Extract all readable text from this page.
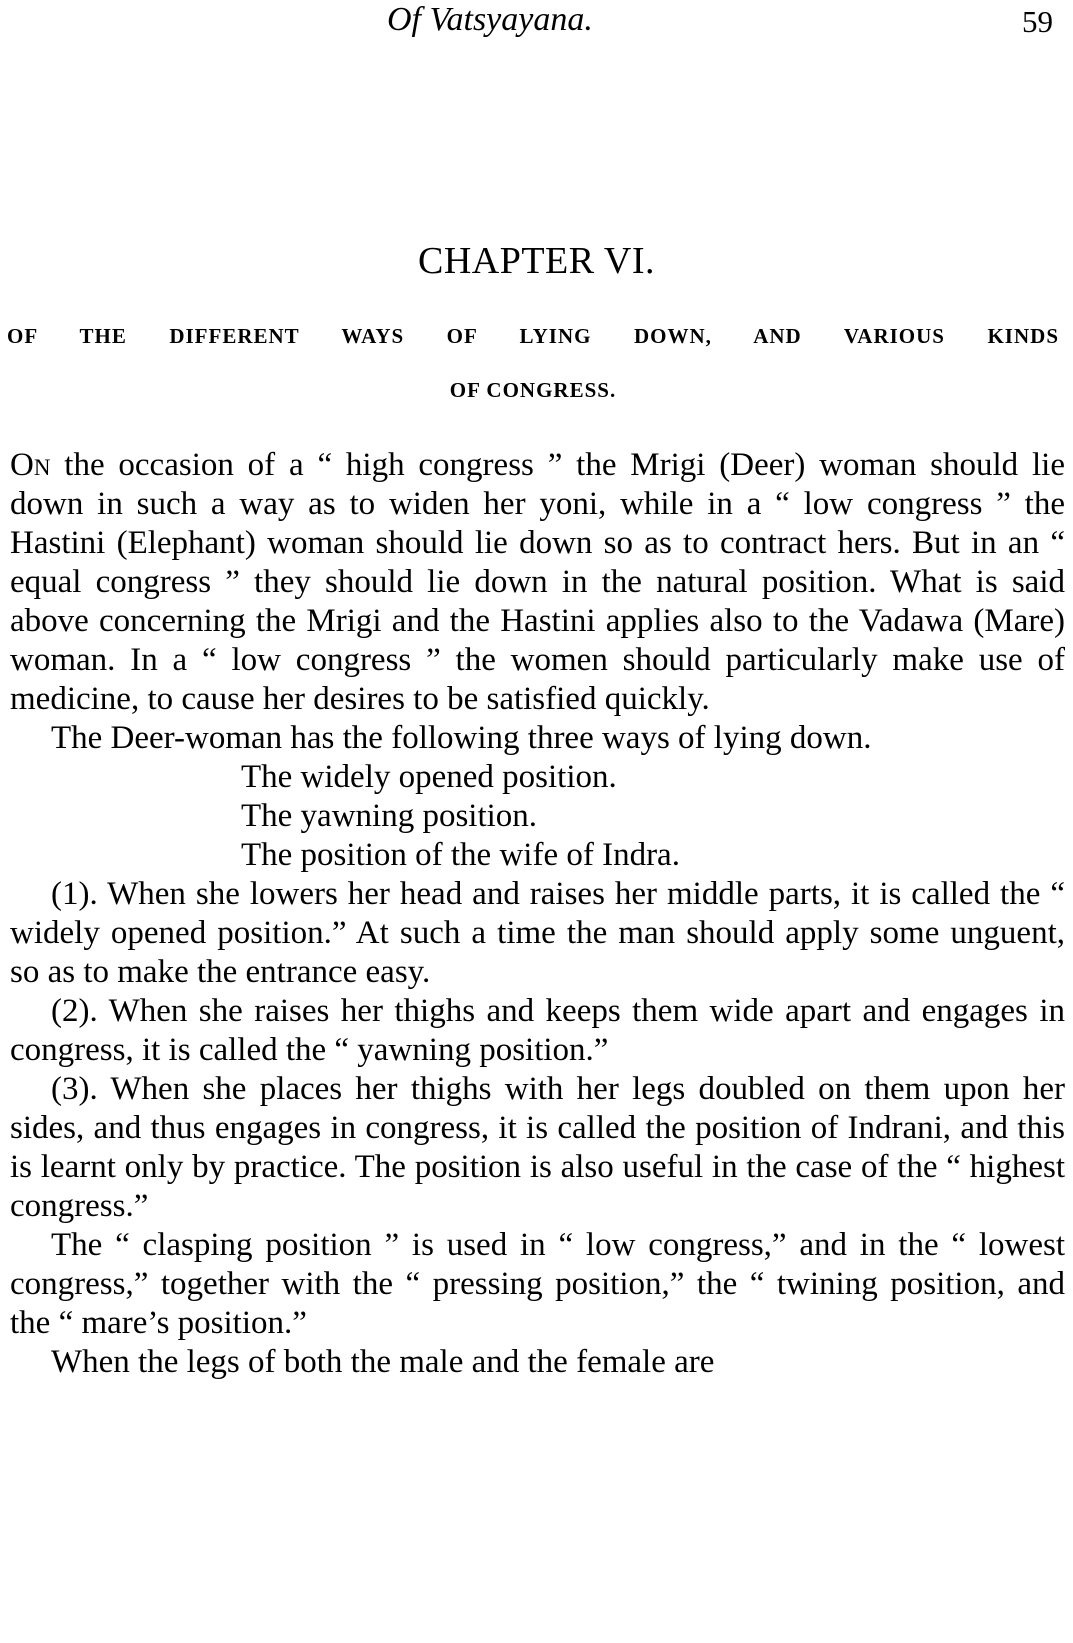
Of Vatsyayana.	59
CHAPTER VI.
OF THE DIFFERENT WAYS OF LYING DOWN, AND VARIOUS KINDS
OF CONGRESS.

On the occasion of a “ high congress ” the Mrigi (Deer) woman should lie down in such a way as to widen her yoni, while in a “ low congress ” the Hastini (Elephant) woman should lie down so as to contract hers. But in an “ equal congress ” they should lie down in the natural position. What is said above concerning the Mrigi and the Hastini applies also to the Vadawa (Mare) woman. In a “ low congress ” the women should particularly make use of medicine, to cause her desires to be satisfied quickly.

The Deer-woman has the following three ways of lying down.

The widely opened position.
The yawning position.
The position of the wife of Indra.

(1). When she lowers her head and raises her middle parts, it is called the “ widely opened position.” At such a time the man should apply some unguent, so as to make the entrance easy.

(2). When she raises her thighs and keeps them wide apart and engages in congress, it is called the “ yawning position.”

(3). When she places her thighs with her legs doubled on them upon her sides, and thus engages in congress, it is called the position of Indrani, and this is learnt only by practice. The position is also useful in the case of the “ highest congress.”

The “ clasping position ” is used in “ low congress,” and in the “ lowest congress,” together with the “ pressing position,” the “ twining position, and the “ mare’s position.”

When the legs of both the male and the female are
